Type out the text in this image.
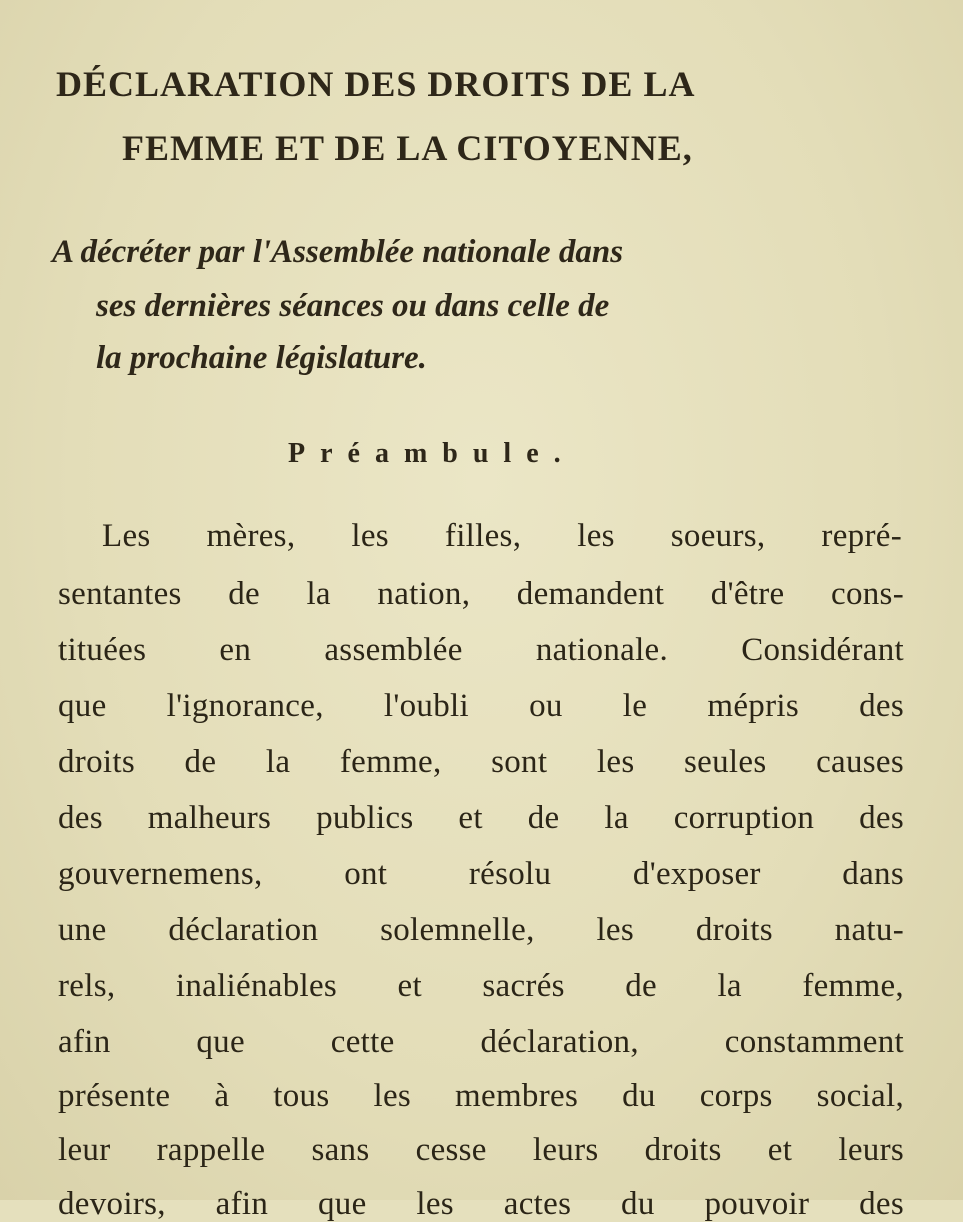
DÉCLARATION DES DROITS DE LA
FEMME ET DE LA CITOYENNE,
A décréter par l'Assemblée nationale dans
ses dernières séances ou dans celle de
la prochaine législature.
Préambule.
Les mères, les filles, les soeurs, repré-
sentantes de la nation, demandent d'être cons-
tituées en assemblée nationale. Considérant
que l'ignorance, l'oubli ou le mépris des
droits de la femme, sont les seules causes
des malheurs publics et de la corruption des
gouvernemens, ont résolu d'exposer dans
une déclaration solemnelle, les droits natu-
rels, inaliénables et sacrés de la femme,
afin que cette déclaration, constamment
présente à tous les membres du corps social,
leur rappelle sans cesse leurs droits et leurs
devoirs, afin que les actes du pouvoir des
